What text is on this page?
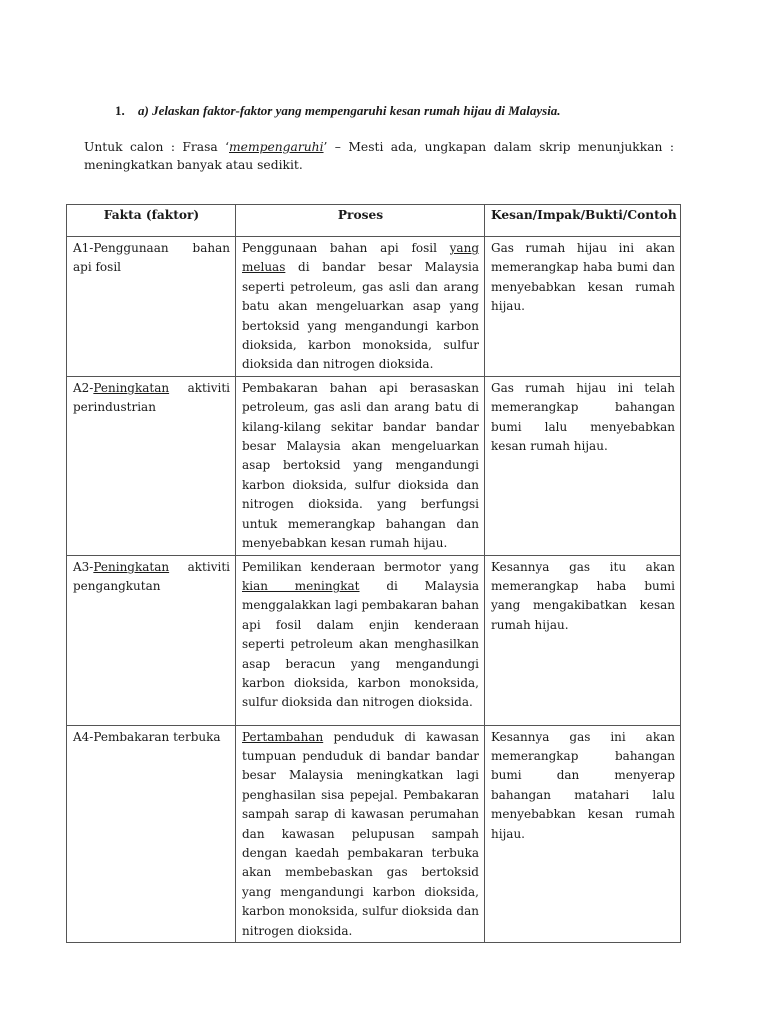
1. a) Jelaskan faktor-faktor yang mempengaruhi kesan rumah hijau di Malaysia.
Untuk calon : Frasa ‘mempengaruhi’ – Mesti ada, ungkapan dalam skrip menunjukkan : meningkatkan banyak atau sedikit.
Fakta (faktor)	Proses	Kesan/Impak/Bukti/Contoh
A1-Penggunaan bahan api fosil	Penggunaan bahan api fosil yang meluas di bandar besar Malaysia seperti petroleum, gas asli dan arang batu akan mengeluarkan asap yang bertoksid yang mengandungi karbon dioksida, karbon monoksida, sulfur dioksida dan nitrogen dioksida.	Gas rumah hijau ini akan memerangkap haba bumi dan menyebabkan kesan rumah hijau.
A2-Peningkatan aktiviti perindustrian	Pembakaran bahan api berasaskan petroleum, gas asli dan arang batu di kilang-kilang sekitar bandar bandar besar Malaysia akan mengeluarkan asap bertoksid yang mengandungi karbon dioksida, sulfur dioksida dan nitrogen dioksida. yang berfungsi untuk memerangkap bahangan dan menyebabkan kesan rumah hijau.	Gas rumah hijau ini telah memerangkap bahangan bumi lalu menyebabkan kesan rumah hijau.
A3-Peningkatan aktiviti pengangkutan	Pemilikan kenderaan bermotor yang kian meningkat di Malaysia menggalakkan lagi pembakaran bahan api fosil dalam enjin kenderaan seperti petroleum akan menghasilkan asap beracun yang mengandungi karbon dioksida, karbon monoksida, sulfur dioksida dan nitrogen dioksida.	Kesannya gas itu akan memerangkap haba bumi yang mengakibatkan kesan rumah hijau.
A4-Pembakaran terbuka	Pertambahan penduduk di kawasan tumpuan penduduk di bandar bandar besar Malaysia meningkatkan lagi penghasilan sisa pepejal. Pembakaran sampah sarap di kawasan perumahan dan kawasan pelupusan sampah dengan kaedah pembakaran terbuka akan membebaskan gas bertoksid yang mengandungi karbon dioksida, karbon monoksida, sulfur dioksida dan nitrogen dioksida.	Kesannya gas ini akan memerangkap bahangan bumi dan menyerap bahangan matahari lalu menyebabkan kesan rumah hijau.
